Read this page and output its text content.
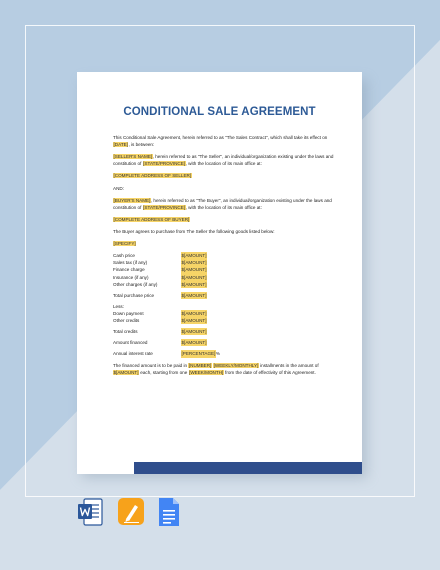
CONDITIONAL SALE AGREEMENT

This Conditional Sale Agreement, herein referred to as "The Sales Contract", which shall take its effect on [DATE], is between:

[SELLER'S NAME], herein referred to as "The Seller", an individual/organization existing under the laws and constitution of [STATE/PROVINCE], with the location of its main office at:

[COMPLETE ADDRESS OF SELLER]

AND:

[BUYER'S NAME], herein referred to as "The Buyer", an individual/organization existing under the laws and constitution of [STATE/PROVINCE], with the location of its main office at:

[COMPLETE ADDRESS OF BUYER]

The Buyer agrees to purchase from The Seller the following goods listed below:

[SPECIFY]

Cash price	$[AMOUNT]
Sales tax (if any)	$[AMOUNT]
Finance charge	$[AMOUNT]
Insurance (if any)	$[AMOUNT]
Other charges (if any)	$[AMOUNT]
Total purchase price	$[AMOUNT]
Less:
Down payment	$[AMOUNT]
Other credits	$[AMOUNT]
Total credits	$[AMOUNT]
Amount financed	$[AMOUNT]
Annual interest rate	[PERCENTAGE] %

The financed amount is to be paid in [NUMBER] [WEEKLY/MONTHLY] installments in the amount of $[AMOUNT] each, starting from one [WEEK/MONTH] from the date of effectivity of this Agreement.
